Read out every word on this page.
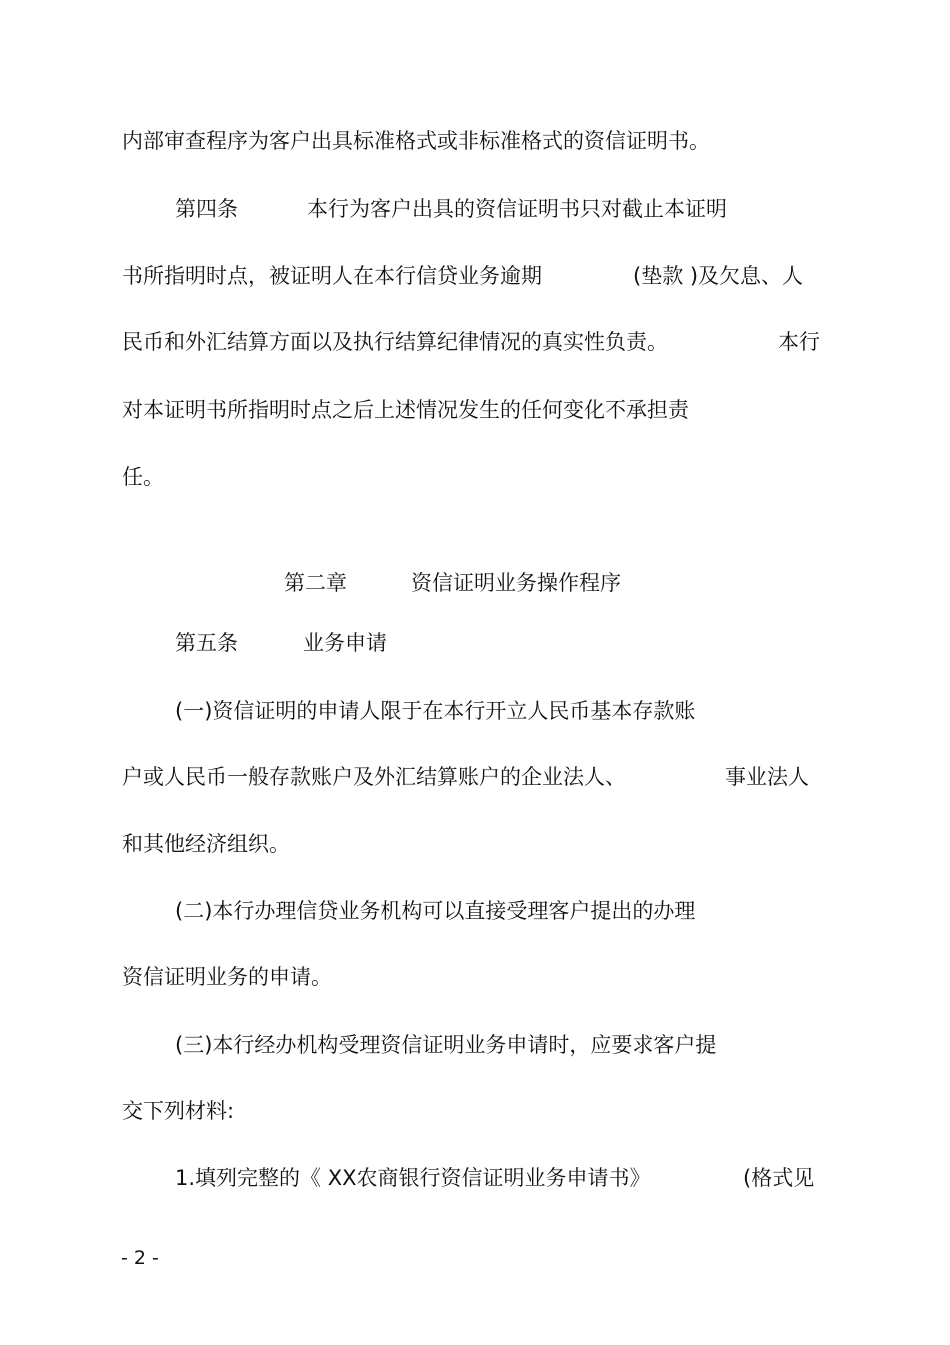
内部审查程序为客户出具标准格式或非标准格式的资信证明书。
第四条	本行为客户出具的资信证明书只对截止本证明
书所指明时点，被证明人在本行信贷业务逾期	(垫款 )及欠息、人
民币和外汇结算方面以及执行结算纪律情况的真实性负责。	本行
对本证明书所指明时点之后上述情况发生的任何变化不承担责
任。
第二章	资信证明业务操作程序
第五条	业务申请
(一)资信证明的申请人限于在本行开立人民币基本存款账
户或人民币一般存款账户及外汇结算账户的企业法人、	事业法人
和其他经济组织。
(二)本行办理信贷业务机构可以直接受理客户提出的办理
资信证明业务的申请。
(三)本行经办机构受理资信证明业务申请时，应要求客户提
交下列材料:
1.填列完整的《 XX农商银行资信证明业务申请书》	(格式见
- 2 -
